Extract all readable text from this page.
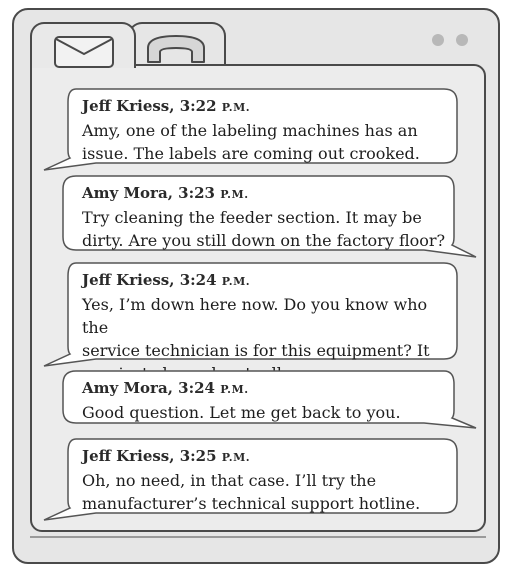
Jeff Kriess, 3:22 P.M.
Amy, one of the labeling machines has an
issue. The labels are coming out crooked.
Amy Mora, 3:23 P.M.
Try cleaning the feeder section. It may be
dirty. Are you still down on the factory floor?
Jeff Kriess, 3:24 P.M.
Yes, I’m down here now. Do you know who the
service technician is for this equipment? It
Amy Mora, 3:24 P.M.
Good question. Let me get back to you.
Jeff Kriess, 3:25 P.M.
Oh, no need, in that case. I’ll try the
manufacturer’s technical support hotline.
